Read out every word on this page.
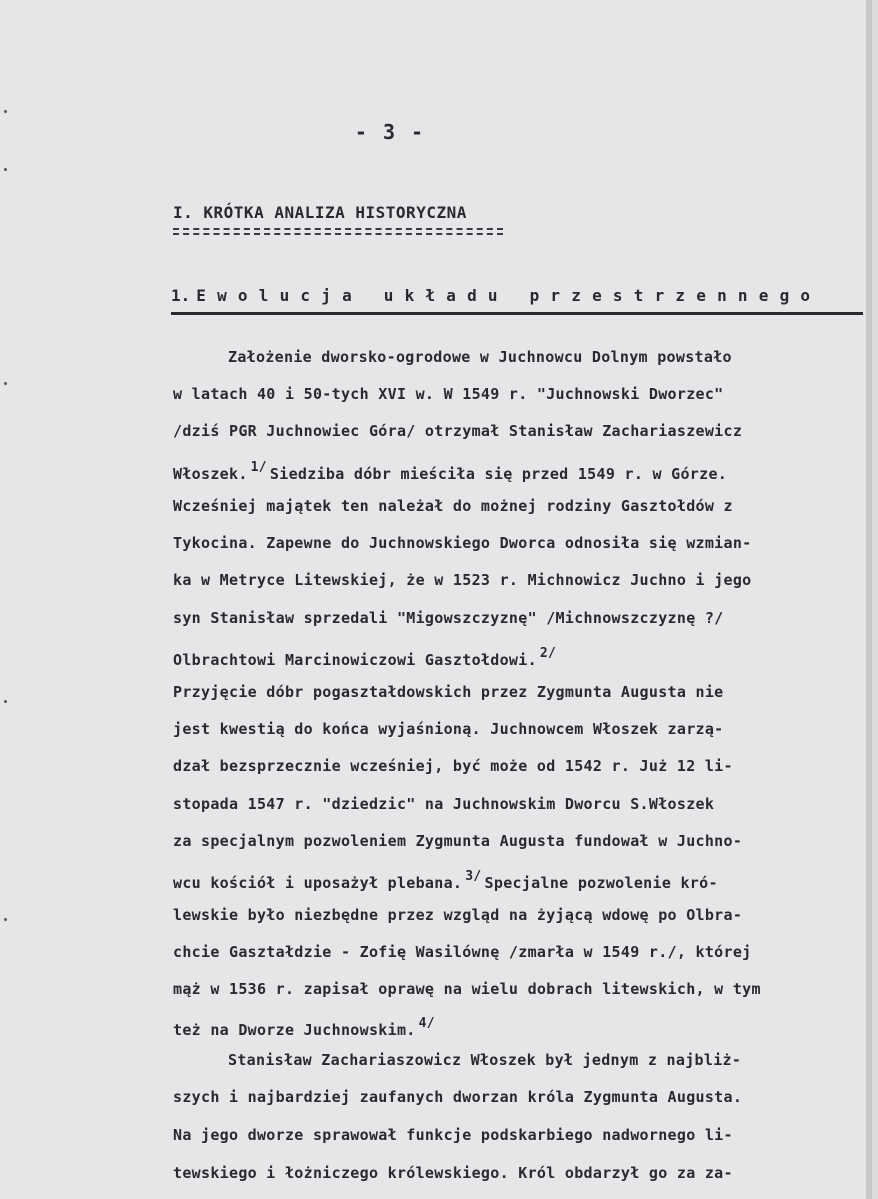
- 3 -
I. KRÓTKA ANALIZA HISTORYCZNA
1. Ewolucja układu przestrzennego
Założenie dworsko-ogrodowe w Juchnowcu Dolnym powstało
w latach 40 i 50-tych XVI w. W 1549 r. "Juchnowski Dworzec"
/dziś PGR Juchnowiec Góra/ otrzymał Stanisław Zachariaszewicz
Włoszek. $^{1/}$ Siedziba dóbr mieściła się przed 1549 r. w Górze.
Wcześniej majątek ten należał do możnej rodziny Gasztołdów z
Tykocina. Zapewne do Juchnowskiego Dworca odnosiła się wzmian-
ka w Metryce Litewskiej, że w 1523 r. Michnowicz Juchno i jego
syn Stanisław sprzedali "Migowszczyznę" /Michnowszczyznę ?/
Olbrachtowi Marcinowiczowi Gasztołdowi. $^{2/}$
Przyjęcie dóbr pogaształdowskich przez Zygmunta Augusta nie
jest kwestią do końca wyjaśnioną. Juchnowcem Włoszek zarzą-
dzał bezsprzecznie wcześniej, być może od 1542 r. Już 12 li-
stopada 1547 r. "dziedzic" na Juchnowskim Dworcu S.Włoszek
za specjalnym pozwoleniem Zygmunta Augusta fundował w Juchno-
wcu kościół i uposażył plebana. $^{3/}$ Specjalne pozwolenie kró-
lewskie było niezbędne przez wzgląd na żyjącą wdowę po Olbra-
chcie Gaształdzie - Zofię Wasilównę /zmarła w 1549 r./, której
mąż w 1536 r. zapisał oprawę na wielu dobrach litewskich, w tym
też na Dworze Juchnowskim. $^{4/}$
Stanisław Zachariaszowicz Włoszek był jednym z najbliż-
szych i najbardziej zaufanych dworzan króla Zygmunta Augusta.
Na jego dworze sprawował funkcje podskarbiego nadwornego li-
tewskiego i łożniczego królewskiego. Król obdarzył go za za-
